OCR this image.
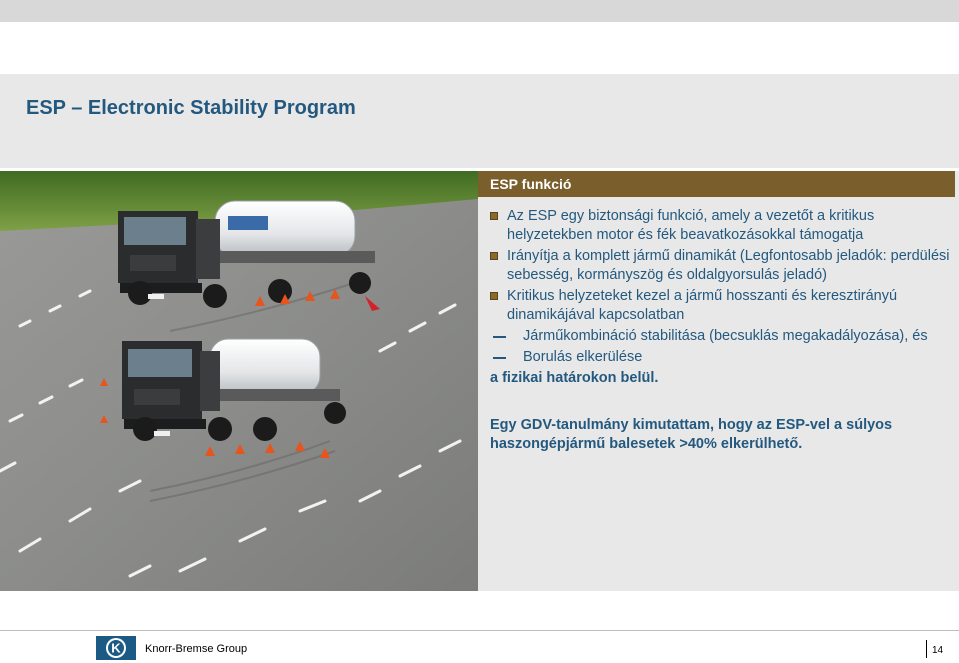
ESP – Electronic Stability Program
ESP funkció
Az ESP egy biztonsági funkció, amely a vezetőt a kritikus helyzetekben motor és fék beavatkozásokkal támogatja
Irányítja a komplett jármű dinamikát (Legfontosabb jeladók: perdülési sebesség, kormányszög és oldalgyorsulás jeladó)
Kritikus helyzeteket kezel a jármű hosszanti és keresztirányú dinamikájával kapcsolatban
Járműkombináció stabilitása (becsuklás megakadályozása), és
Borulás elkerülése
a fizikai határokon belül.
Egy GDV-tanulmány kimutattam, hogy az ESP-vel a súlyos haszongépjármű balesetek >40% elkerülhető.
K Knorr-Bremse Group	14
